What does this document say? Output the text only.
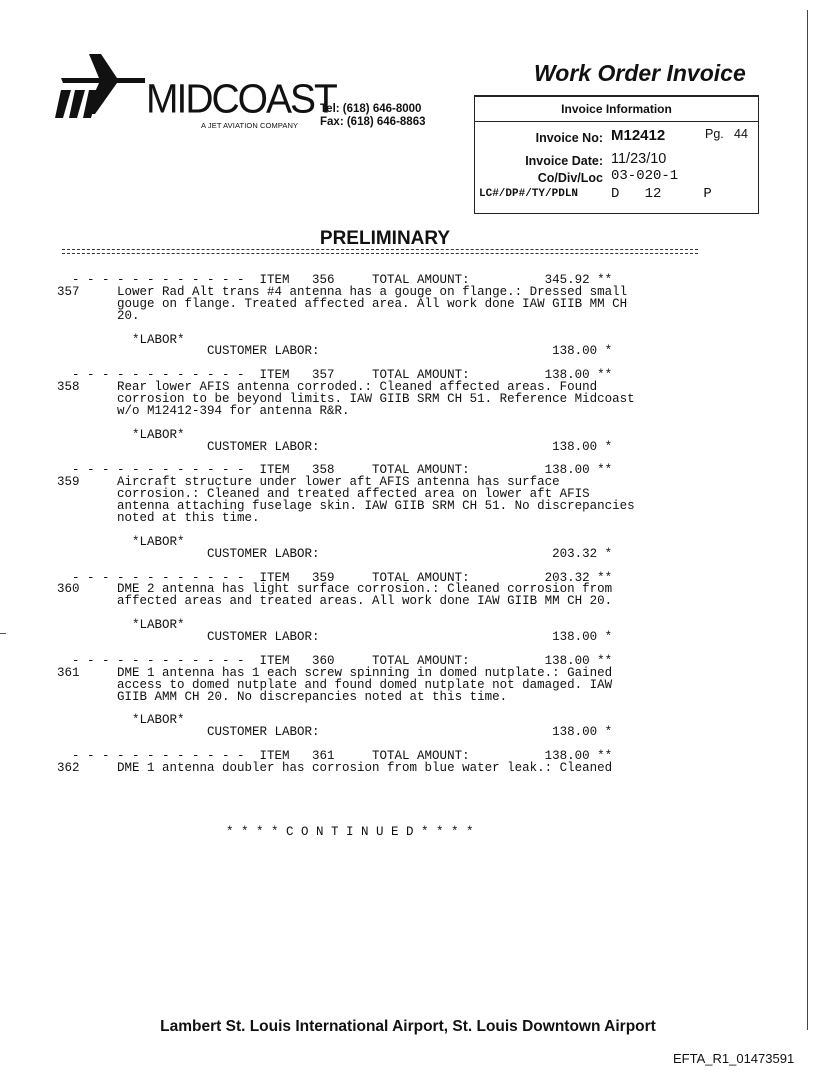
MIDCOAST
A JET AVIATION COMPANY
Tel: (618) 646-8000
Fax: (618) 646-8863
Work Order Invoice
Invoice Information
Invoice No: M12412	Pg. 44
Invoice Date: 11/23/10
Co/Div/Loc 03-020-1
LC#/DP#/TY/PDLN D   12     P
PRELIMINARY
- - - - - - - - - - - -  ITEM   356     TOTAL AMOUNT:          345.92 **
357     Lower Rad Alt trans #4 antenna has a gouge on flange.: Dressed small
gouge on flange. Treated affected area. All work done IAW GIIB MM CH
20.
*LABOR*
CUSTOMER LABOR:                               138.00 *
- - - - - - - - - - - -  ITEM   357     TOTAL AMOUNT:          138.00 **
358     Rear lower AFIS antenna corroded.: Cleaned affected areas. Found
corrosion to be beyond limits. IAW GIIB SRM CH 51. Reference Midcoast
w/o M12412-394 for antenna R&R.
*LABOR*
CUSTOMER LABOR:                               138.00 *
- - - - - - - - - - - -  ITEM   358     TOTAL AMOUNT:          138.00 **
359     Aircraft structure under lower aft AFIS antenna has surface
corrosion.: Cleaned and treated affected area on lower aft AFIS
antenna attaching fuselage skin. IAW GIIB SRM CH 51. No discrepancies
noted at this time.
*LABOR*
CUSTOMER LABOR:                               203.32 *
- - - - - - - - - - - -  ITEM   359     TOTAL AMOUNT:          203.32 **
360     DME 2 antenna has light surface corrosion.: Cleaned corrosion from
affected areas and treated areas. All work done IAW GIIB MM CH 20.
*LABOR*
CUSTOMER LABOR:                               138.00 *
- - - - - - - - - - - -  ITEM   360     TOTAL AMOUNT:          138.00 **
361     DME 1 antenna has 1 each screw spinning in domed nutplate.: Gained
access to domed nutplate and found domed nutplate not damaged. IAW
GIIB AMM CH 20. No discrepancies noted at this time.
*LABOR*
CUSTOMER LABOR:                               138.00 *
- - - - - - - - - - - -  ITEM   361     TOTAL AMOUNT:          138.00 **
362     DME 1 antenna doubler has corrosion from blue water leak.: Cleaned
* * * * C O N T I N U E D * * * *
Lambert St. Louis International Airport, St. Louis Downtown Airport
EFTA_R1_01473591
